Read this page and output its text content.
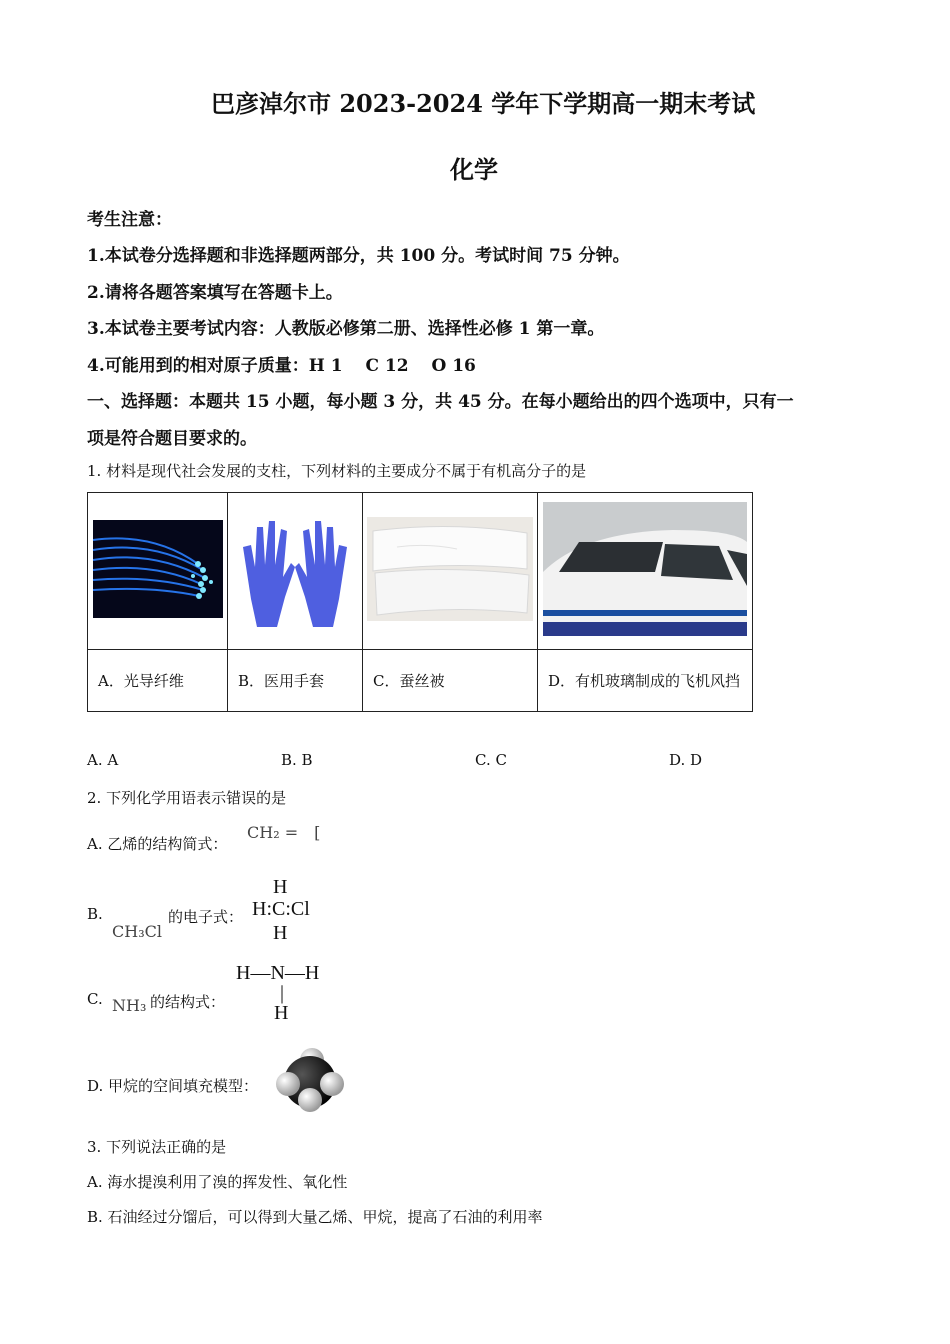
巴彦淖尔市 2023-2024 学年下学期高一期末考试
化学
考生注意：
1.本试卷分选择题和非选择题两部分，共 100 分。考试时间 75 分钟。
2.请将各题答案填写在答题卡上。
3.本试卷主要考试内容：人教版必修第二册、选择性必修 1 第一章。
4.可能用到的相对原子质量：H 1　 C 12　 O 16
一、选择题：本题共 15 小题，每小题 3 分，共 45 分。在每小题给出的四个选项中，只有一
项是符合题目要求的。
1. 材料是现代社会发展的支柱，下列材料的主要成分不属于有机高分子的是

A．光导纤维	B．医用手套	C．蚕丝被	D．有机玻璃制成的飞机风挡
A. A	B. B	C. C	D. D
2. 下列化学用语表示错误的是
A. 乙烯的结构简式：
CH₂ =　[
B.
CH₃Cl
的电子式：
H
H:C:Cl
H
C. NH₃ 的结构式：
H—N—H
|
H
D. 甲烷的空间填充模型：
3. 下列说法正确的是
A. 海水提溴利用了溴的挥发性、氧化性
B. 石油经过分馏后，可以得到大量乙烯、甲烷，提高了石油的利用率
